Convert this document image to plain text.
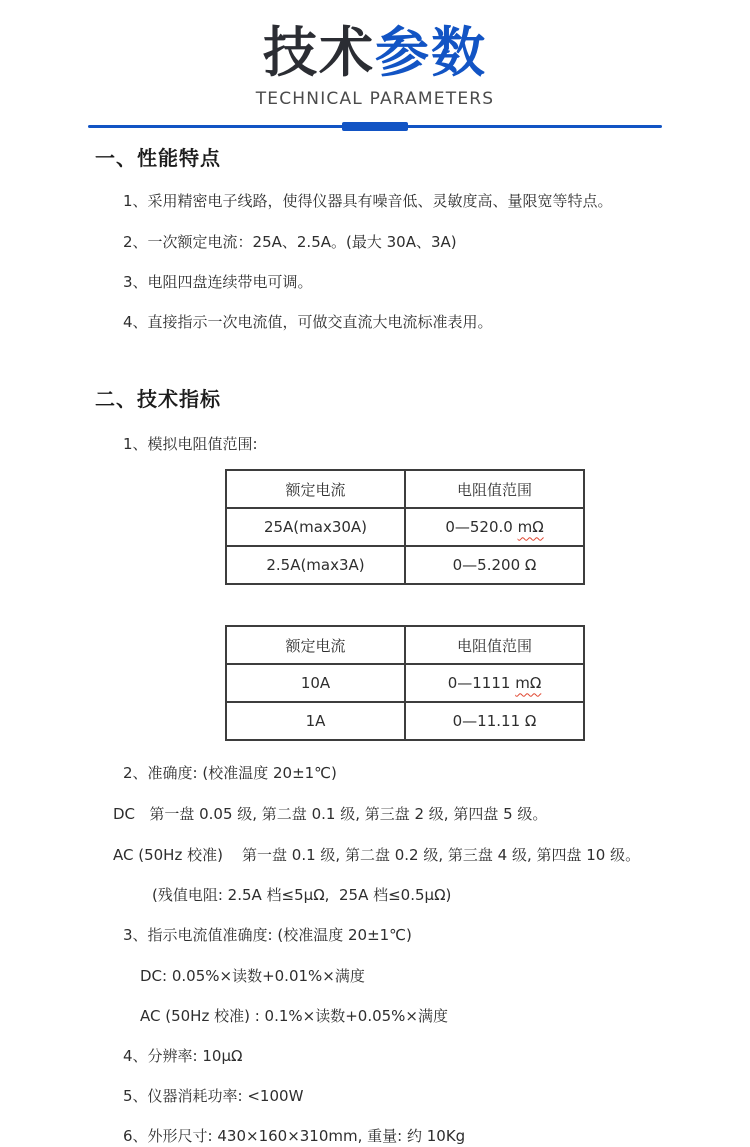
技术参数
TECHNICAL PARAMETERS
一、性能特点

1、采用精密电子线路，使得仪器具有噪音低、灵敏度高、量限宽等特点。

2、一次额定电流：25A、2.5A。(最大 30A、3A)

3、电阻四盘连续带电可调。

4、直接指示一次电流值，可做交直流大电流标准表用。

二、技术指标

1、模拟电阻值范围:

额定电流	电阻值范围
25A(max30A)	0—520.0 mΩ
2.5A(max3A)	0—5.200 Ω
额定电流	电阻值范围
10A	0—1111 mΩ
1A	0—11.11 Ω

2、准确度: (校准温度 20±1℃)

DC   第一盘 0.05 级, 第二盘 0.1 级, 第三盘 2 级, 第四盘 5 级。

AC (50Hz 校准)    第一盘 0.1 级, 第二盘 0.2 级, 第三盘 4 级, 第四盘 10 级。

(残值电阻: 2.5A 档≤5μΩ,  25A 档≤0.5μΩ)

3、指示电流值准确度: (校准温度 20±1℃)

DC: 0.05%×读数+0.01%×满度

AC (50Hz 校准) : 0.1%×读数+0.05%×满度

4、分辨率: 10μΩ

5、仪器消耗功率: <100W

6、外形尺寸: 430×160×310mm, 重量: 约 10Kg
